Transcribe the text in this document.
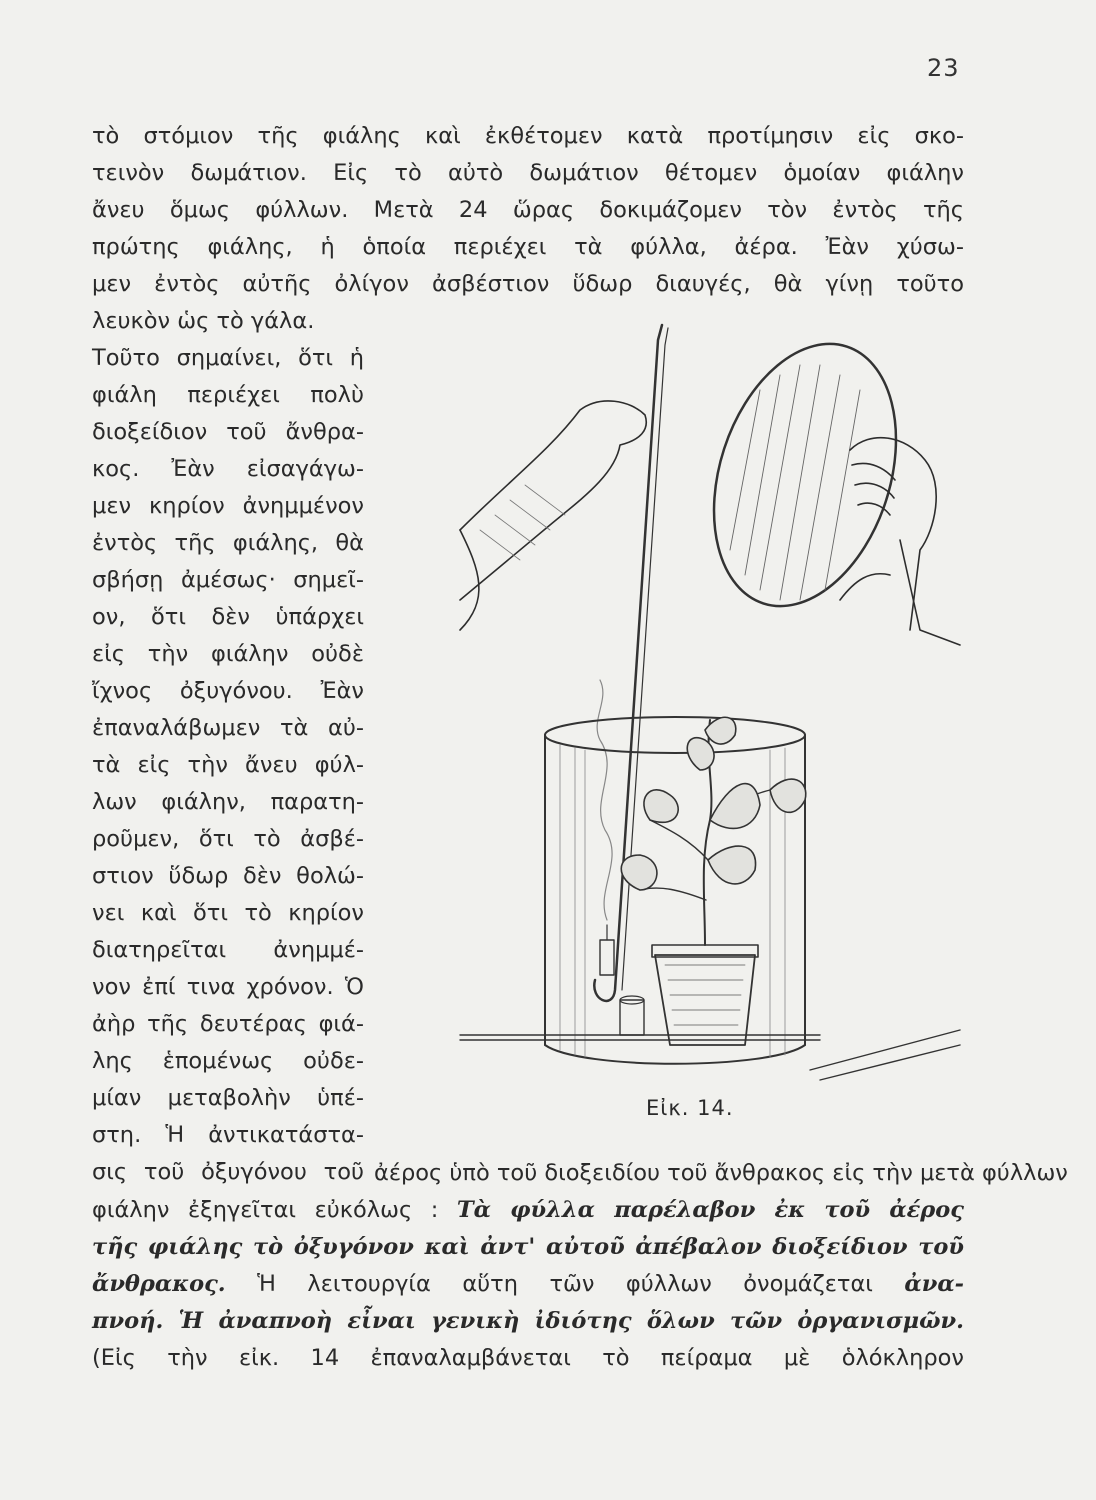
23
τὸ στόμιον τῆς φιάλης καὶ ἐκθέτομεν κατὰ προτίμησιν εἰς σκο-
τεινὸν δωμάτιον. Εἰς τὸ αὐτὸ δωμάτιον θέτομεν ὁμοίαν φιάλην
ἄνευ ὅμως φύλλων. Μετὰ 24 ὥρας δοκιμάζομεν τὸν ἐντὸς τῆς
πρώτης φιάλης, ἡ ὁποία περιέχει τὰ φύλλα, ἀέρα. Ἐὰν χύσω-
μεν ἐντὸς αὐτῆς ὀλίγον ἀσβέστιον ὕδωρ διαυγές, θὰ γίνῃ τοῦτο
λευκὸν ὡς τὸ γάλα.
Τοῦτο σημαίνει, ὅτι ἡ
φιάλη περιέχει πολὺ
διοξείδιον τοῦ ἄνθρα-
κος. Ἐὰν εἰσαγάγω-
μεν κηρίον ἀνημμένον
ἐντὸς τῆς φιάλης, θὰ
σβήσῃ ἀμέσως· σημεῖ-
ον, ὅτι δὲν ὑπάρχει
εἰς τὴν φιάλην οὐδὲ
ἴχνος ὀξυγόνου. Ἐὰν
ἐπαναλάβωμεν τὰ αὐ-
τὰ εἰς τὴν ἄνευ φύλ-
λων φιάλην, παρατη-
ροῦμεν, ὅτι τὸ ἀσβέ-
στιον ὕδωρ δὲν θολώ-
νει καὶ ὅτι τὸ κηρίον
διατηρεῖται ἀνημμέ-
νον ἐπί τινα χρόνον. Ὁ
ἀὴρ τῆς δευτέρας φιά-
λης ἑπομένως οὐδε-
μίαν μεταβολὴν ὑπέ-
στη. Ἡ ἀντικατάστα-
σις τοῦ ὀξυγόνου τοῦ
Εἰκ. 14.
ἀέρος ὑπὸ τοῦ διοξειδίου τοῦ ἄνθρακος εἰς τὴν μετὰ φύλλων
φιάλην ἐξηγεῖται εὐκόλως : Τὰ φύλλα παρέλαβον ἐκ τοῦ ἀέρος
τῆς φιάλης τὸ ὀξυγόνον καὶ ἀντ' αὐτοῦ ἀπέβαλον διοξείδιον τοῦ
ἄνθρακος. Ἡ λειτουργία αὕτη τῶν φύλλων ὀνομάζεται ἀνα-
πνοή. Ἡ ἀναπνοὴ εἶναι γενικὴ ἰδιότης ὅλων τῶν ὀργανισμῶν.
(Εἰς τὴν εἰκ. 14 ἐπαναλαμβάνεται τὸ πείραμα μὲ ὁλόκληρον
